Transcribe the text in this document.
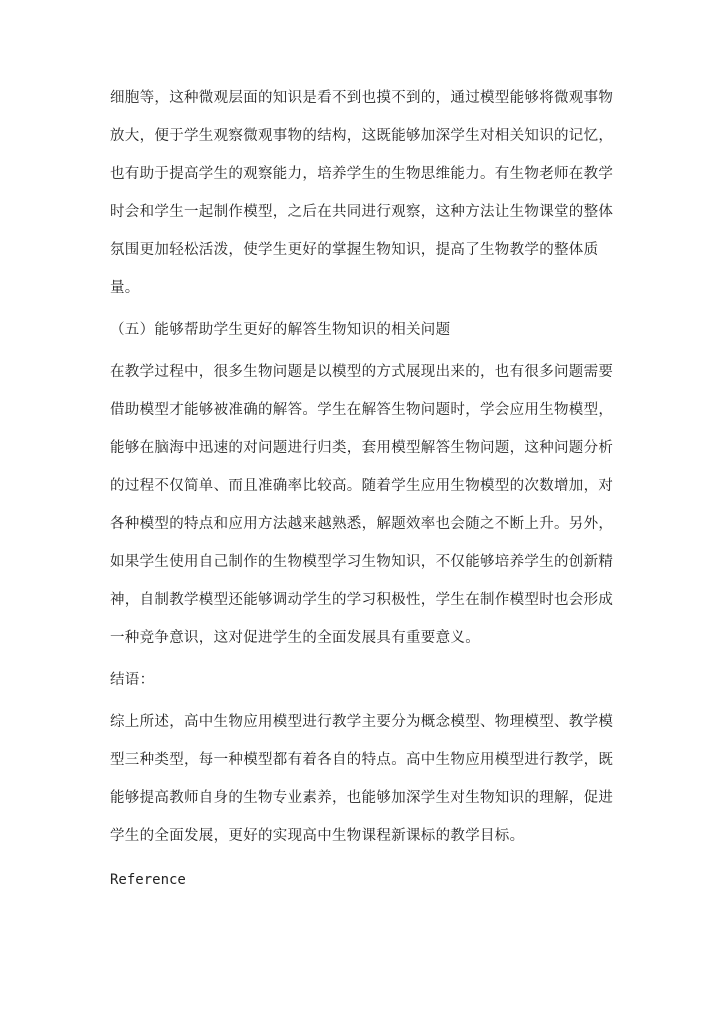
细胞等，这种微观层面的知识是看不到也摸不到的，通过模型能够将微观事物
放大，便于学生观察微观事物的结构，这既能够加深学生对相关知识的记忆，
也有助于提高学生的观察能力，培养学生的生物思维能力。有生物老师在教学
时会和学生一起制作模型，之后在共同进行观察，这种方法让生物课堂的整体
氛围更加轻松活泼，使学生更好的掌握生物知识，提高了生物教学的整体质
量。
（五）能够帮助学生更好的解答生物知识的相关问题
在教学过程中，很多生物问题是以模型的方式展现出来的，也有很多问题需要
借助模型才能够被准确的解答。学生在解答生物问题时，学会应用生物模型，
能够在脑海中迅速的对问题进行归类，套用模型解答生物问题，这种问题分析
的过程不仅简单、而且准确率比较高。随着学生应用生物模型的次数增加，对
各种模型的特点和应用方法越来越熟悉，解题效率也会随之不断上升。另外，
如果学生使用自己制作的生物模型学习生物知识，不仅能够培养学生的创新精
神，自制教学模型还能够调动学生的学习积极性，学生在制作模型时也会形成
一种竞争意识，这对促进学生的全面发展具有重要意义。
结语：
综上所述，高中生物应用模型进行教学主要分为概念模型、物理模型、教学模
型三种类型，每一种模型都有着各自的特点。高中生物应用模型进行教学，既
能够提高教师自身的生物专业素养，也能够加深学生对生物知识的理解，促进
学生的全面发展，更好的实现高中生物课程新课标的教学目标。
Reference
